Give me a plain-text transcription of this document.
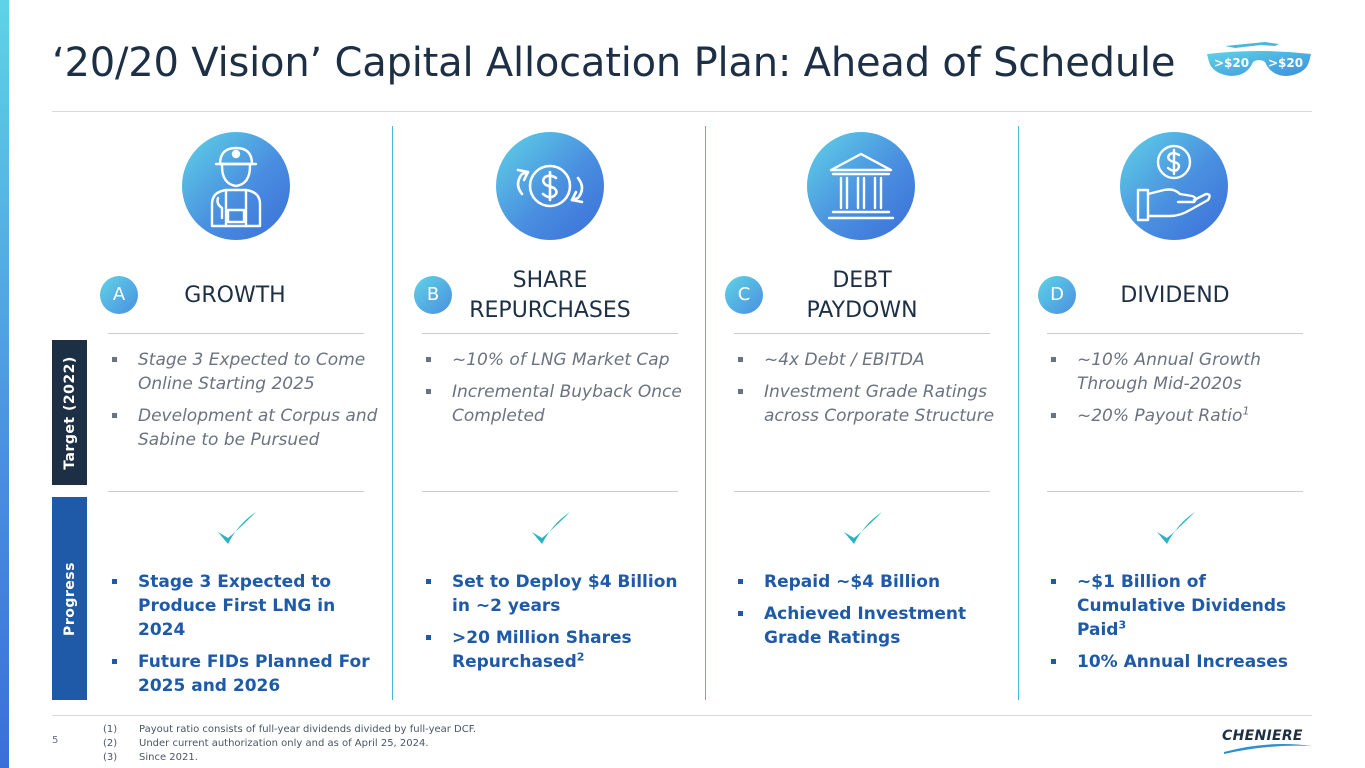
‘20/20 Vision’ Capital Allocation Plan: Ahead of Schedule	>$20 >$20
Target (2022)
Progress
A	GROWTH
Stage 3 Expected to Come Online Starting 2025
Development at Corpus and Sabine to be Pursued
Stage 3 Expected to Produce First LNG in 2024
Future FIDs Planned For 2025 and 2026
B
SHARE
REPURCHASES
~10% of LNG Market Cap
Incremental Buyback Once Completed
Set to Deploy $4 Billion in ~2 years
>20 Million Shares Repurchased$^2$
C
DEBT
PAYDOWN
~4x Debt / EBITDA
Investment Grade Ratings across Corporate Structure
Repaid ~$4 Billion
Achieved Investment Grade Ratings
D	DIVIDEND
~10% Annual Growth Through Mid-2020s
~20% Payout Ratio$^1$
~$1 Billion of Cumulative Dividends Paid$^3$
10% Annual Increases
5
(1) Payout ratio consists of full-year dividends divided by full-year DCF.
(2) Under current authorization only and as of April 25, 2024.
(3) Since 2021.
CHENIERE
